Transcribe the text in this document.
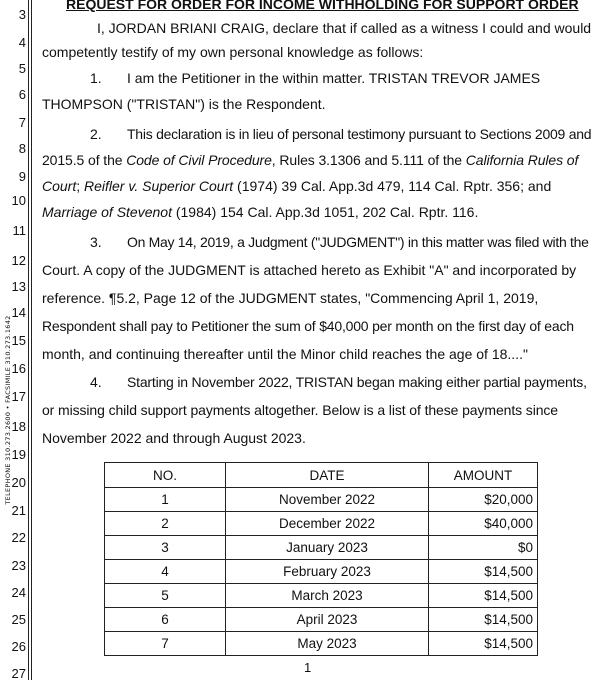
3
4
5
6
7
8
9
10
11
12
13
14
15
16
17
18
19
20
21
22
23
24
25
26
27
TELEPHONE 310.273.2600 • FACSIMILE 310.273.1642
REQUEST FOR ORDER FOR INCOME WITHHOLDING FOR SUPPORT ORDER
I, JORDAN BRIANI CRAIG, declare that if called as a witness I could and would
competently testify of my own personal knowledge as follows:
1. I am the Petitioner in the within matter. TRISTAN TREVOR JAMES
THOMPSON ("TRISTAN") is the Respondent.
2. This declaration is in lieu of personal testimony pursuant to Sections 2009 and
2015.5 of the Code of Civil Procedure, Rules 3.1306 and 5.111 of the California Rules of
Court; Reifler v. Superior Court (1974) 39 Cal. App.3d 479, 114 Cal. Rptr. 356; and
Marriage of Stevenot (1984) 154 Cal. App.3d 1051, 202 Cal. Rptr. 116.
3. On May 14, 2019, a Judgment ("JUDGMENT") in this matter was filed with the
Court. A copy of the JUDGMENT is attached hereto as Exhibit "A" and incorporated by
reference. ¶5.2, Page 12 of the JUDGMENT states, "Commencing April 1, 2019,
Respondent shall pay to Petitioner the sum of $40,000 per month on the first day of each
month, and continuing thereafter until the Minor child reaches the age of 18...."
4. Starting in November 2022, TRISTAN began making either partial payments,
or missing child support payments altogether. Below is a list of these payments since
November 2022 and through August 2023.
NO.	DATE	AMOUNT
1	November 2022	$20,000
2	December 2022	$40,000
3	January 2023	$0
4	February 2023	$14,500
5	March 2023	$14,500
6	April 2023	$14,500
7	May 2023	$14,500
1
